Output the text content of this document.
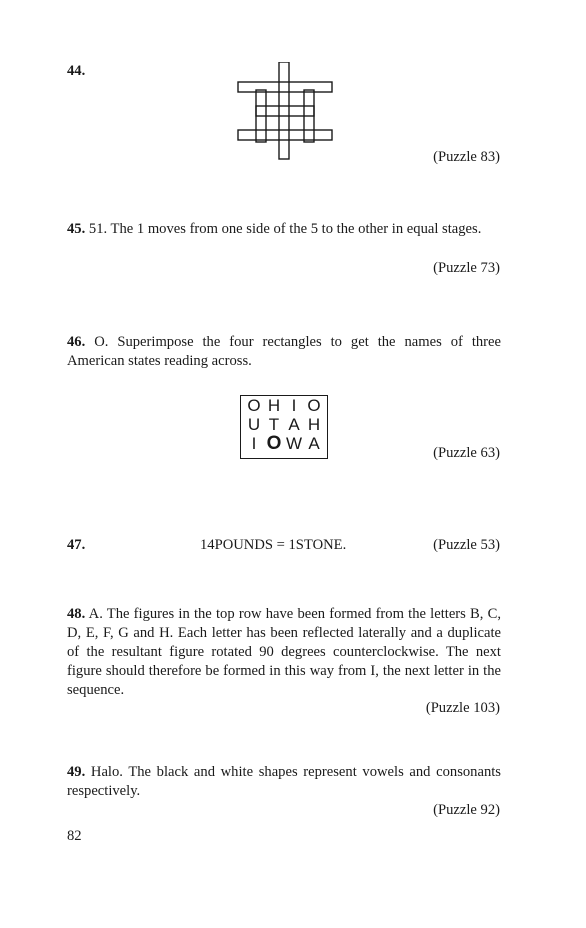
44.
(Puzzle 83)
45. 51. The 1 moves from one side of the 5 to the other in equal stages.
(Puzzle 73)
46. O. Superimpose the four rectangles to get the names of three American states reading across.
O H I O
U T A H
I O W A	(Puzzle 63)
47.	14POUNDS = 1STONE.	(Puzzle 53)
48. A. The figures in the top row have been formed from the letters B, C, D, E, F, G and H. Each letter has been reflected laterally and a duplicate of the resultant figure rotated 90 degrees counterclockwise. The next figure should therefore be formed in this way from I, the next letter in the sequence.
(Puzzle 103)
49. Halo. The black and white shapes represent vowels and consonants respectively.
(Puzzle 92)
82
